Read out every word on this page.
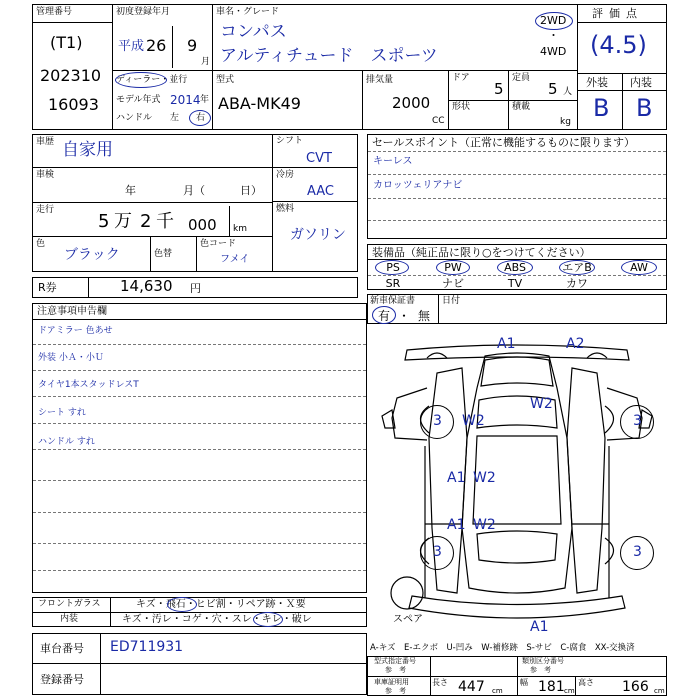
管理番号
(T1)
202310
16093
初度登録年月
平成 26 9
月
車名・グレード
コンパス
アルティチュード　スポーツ
2WD
・
4WD
ディーラー・並行
モデル年式 2014 年
ハンドル 左 右
型式
ABA-MK49
排気量
2000
CC
ドア
5
定員
5 人
形状	積載
kg
評価点
(4.5)
外装 内装
B B
車歴 自家用
車検
年	月（	日）
走行
5 万 2 千 000 km
色
ブラック	色替
色コード
フメイ
シフト
CVT
冷房
AAC
燃料
ガソリン
R券	14,630 円
セールスポイント（正常に機能するものに限ります）
キーレス
カロッツェリアナビ
装備品（純正品に限り○をつけてください）
PS	PW	ABS	エアB	AW
SR	ナビ	TV	カワ
新車保証書
有 ・ 無
日付
注意事項申告欄
ドアミラー 色あせ
外装 小Ａ・小Ｕ
タイヤ1本スタッドレスT
シート すれ
ハンドル すれ
A1	A2
W2
3 W2	3
A1 W2
A1 W2
3	3
スペア	A1
フロントガラス	キズ・飛石・ヒビ割・リペア跡・Ｘ要
内装	キズ・汚レ・コゲ・穴・スレ・キレ・破レ
車台番号 ED711931
登録番号
A-キズ　E-エクボ　U-凹み　W-補修跡　S-サビ　C-腐食　XX-交換済
型式指定番号
参　考
類別区分番号
参　考
車庫証明用
参　考
長さ 447 cm
幅 181 cm
高さ 166 cm
